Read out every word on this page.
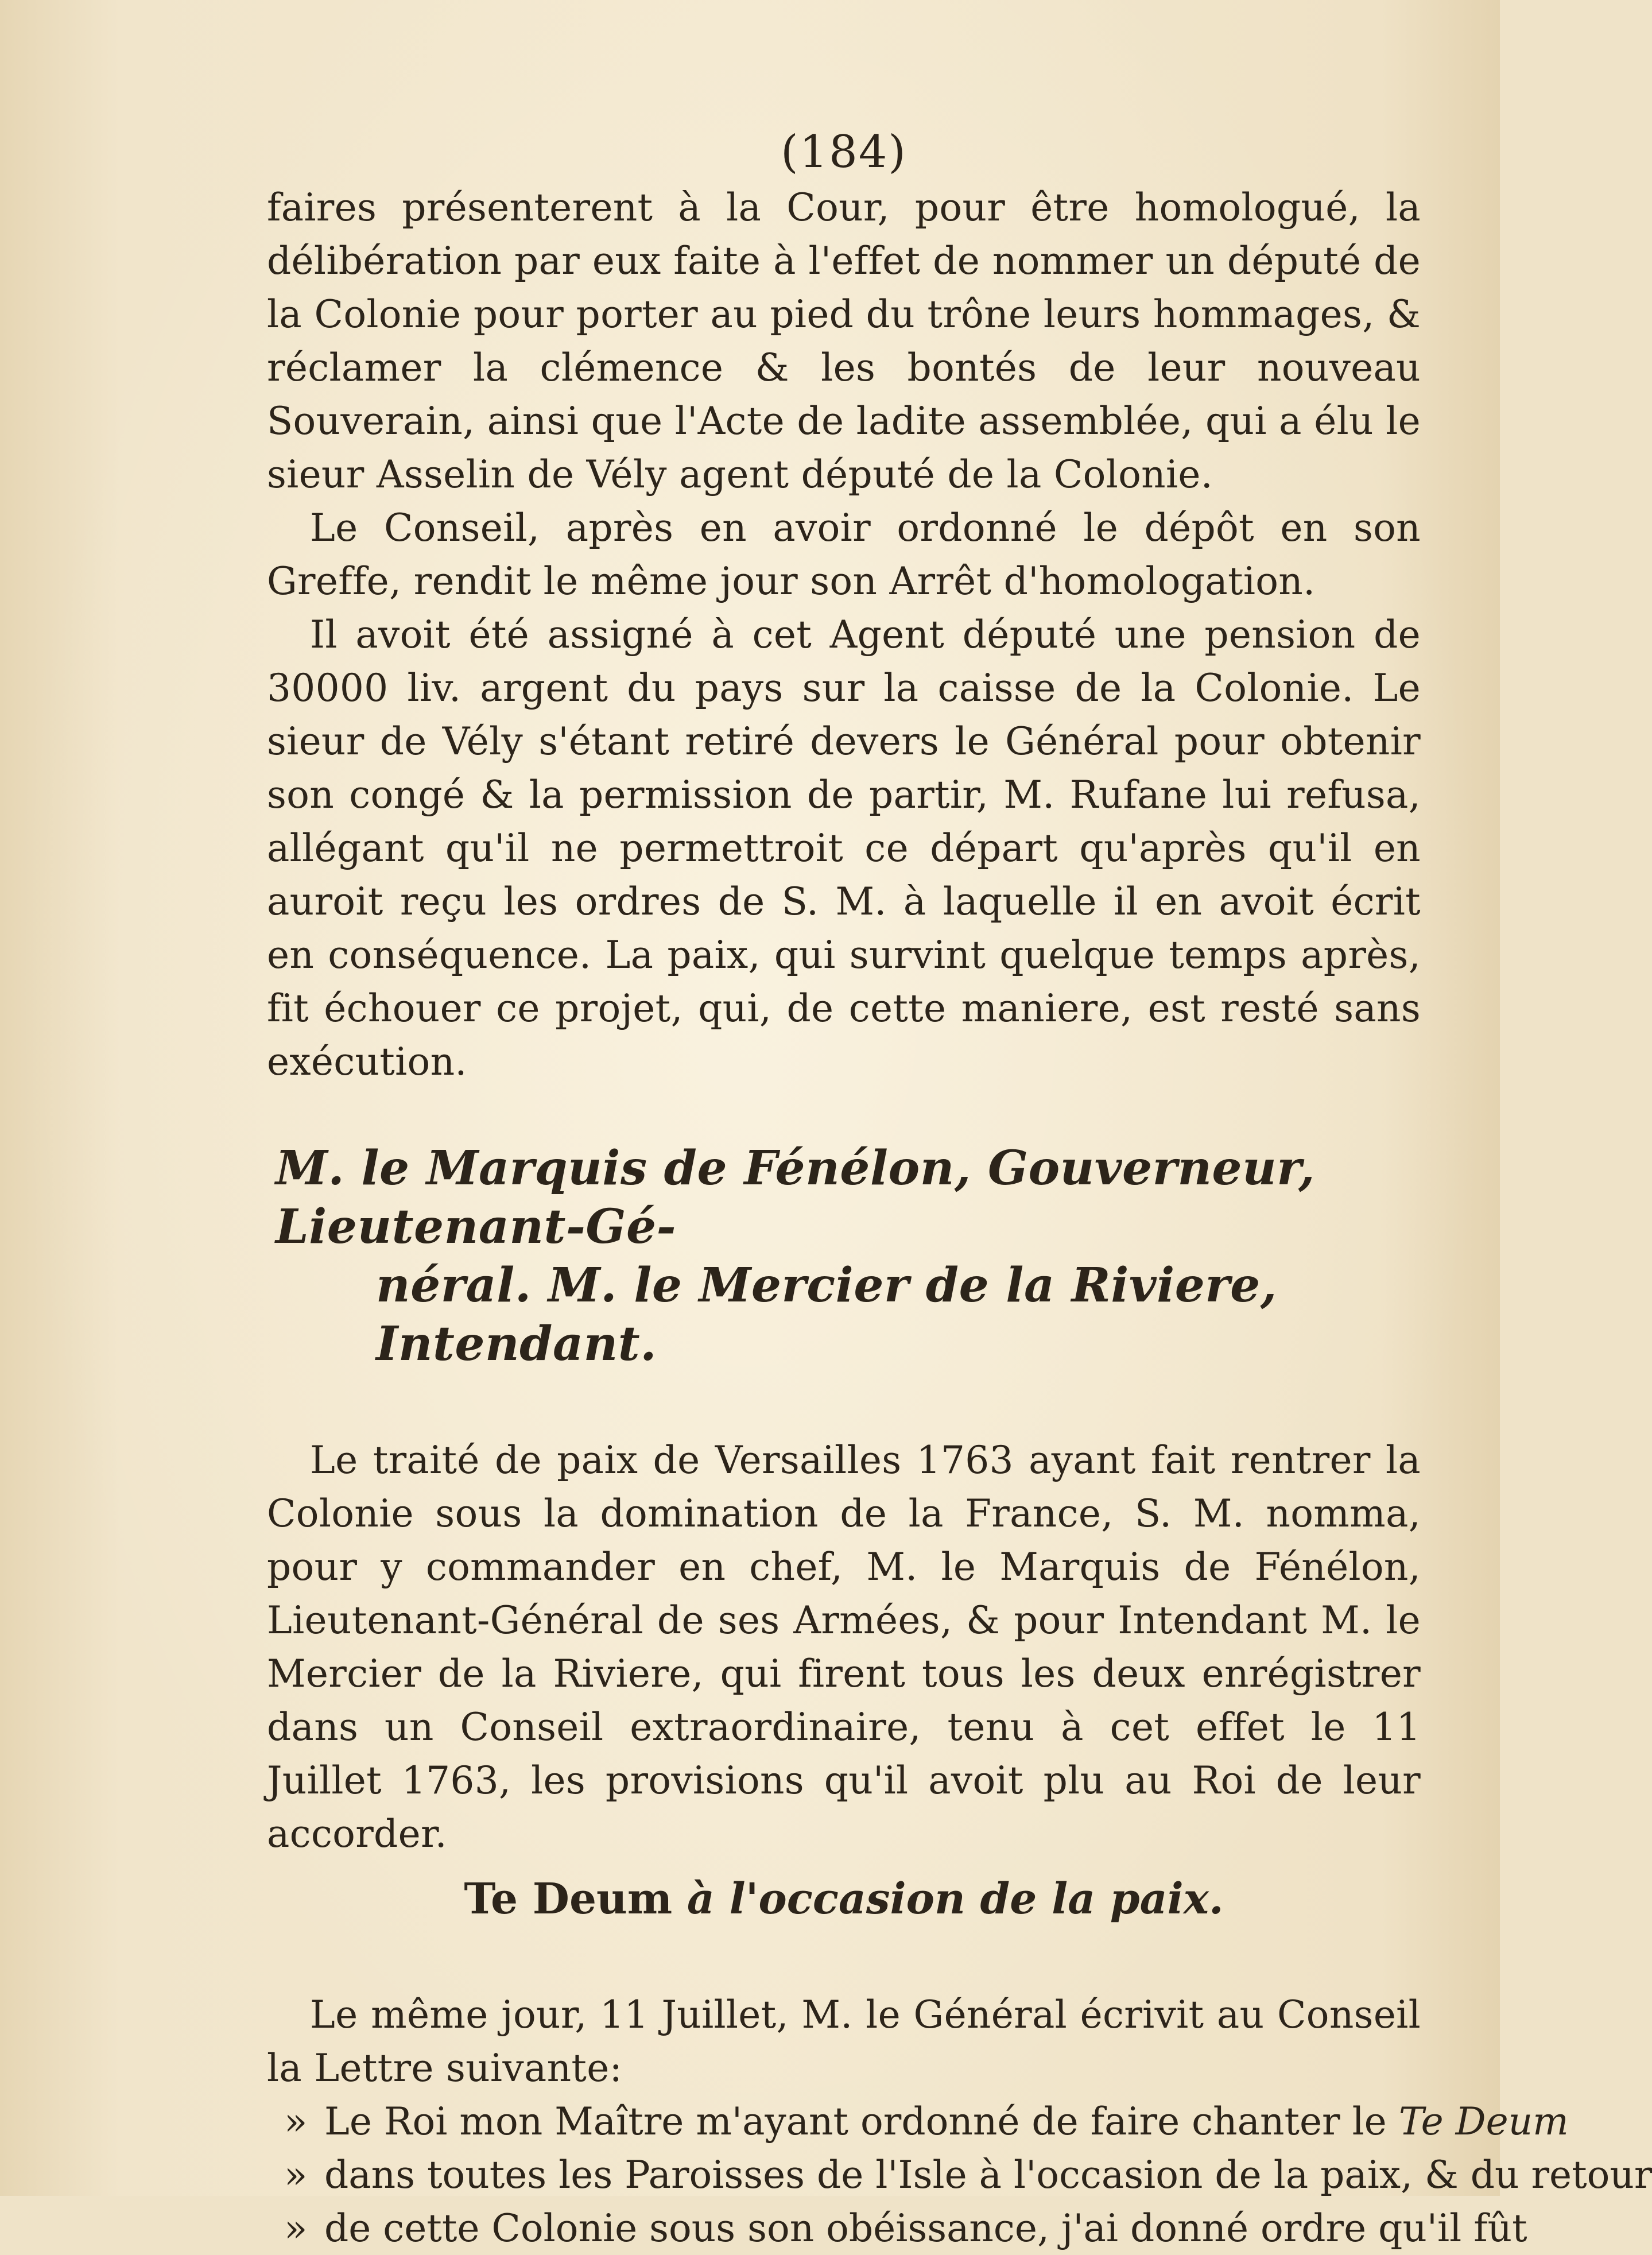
(184)

faires présenterent à la Cour, pour être homologué, la délibération par eux faite à l'effet de nommer un député de la Colonie pour porter au pied du trône leurs hommages, & réclamer la clémence & les bontés de leur nouveau Souverain, ainsi que l'Acte de ladite assemblée, qui a élu le sieur Asselin de Vély agent député de la Colonie.

Le Conseil, après en avoir ordonné le dépôt en son Greffe, rendit le même jour son Arrêt d'homologation.

Il avoit été assigné à cet Agent député une pension de 30000 liv. argent du pays sur la caisse de la Colonie. Le sieur de Vély s'étant retiré devers le Général pour obtenir son congé & la permission de partir, M. Rufane lui refusa, allégant qu'il ne permettroit ce départ qu'après qu'il en auroit reçu les ordres de S. M. à laquelle il en avoit écrit en conséquence. La paix, qui survint quelque temps après, fit échouer ce projet, qui, de cette maniere, est resté sans exécution.

M. le Marquis de Fénélon, Gouverneur, Lieutenant-Gé-
néral. M. le Mercier de la Riviere, Intendant.

Le traité de paix de Versailles 1763 ayant fait rentrer la Colonie sous la domination de la France, S. M. nomma, pour y commander en chef, M. le Marquis de Fénélon, Lieutenant-Général de ses Armées, & pour Intendant M. le Mercier de la Riviere, qui firent tous les deux enrégistrer dans un Conseil extraordinaire, tenu à cet effet le 11 Juillet 1763, les provisions qu'il avoit plu au Roi de leur accorder.

Te Deum à l'occasion de la paix.

Le même jour, 11 Juillet, M. le Général écrivit au Conseil la Lettre suivante:

» Le Roi mon Maître m'ayant ordonné de faire chanter le Te Deum

» dans toutes les Paroisses de l'Isle à l'occasion de la paix, & du retour

» de cette Colonie sous son obéissance, j'ai donné ordre qu'il fût
